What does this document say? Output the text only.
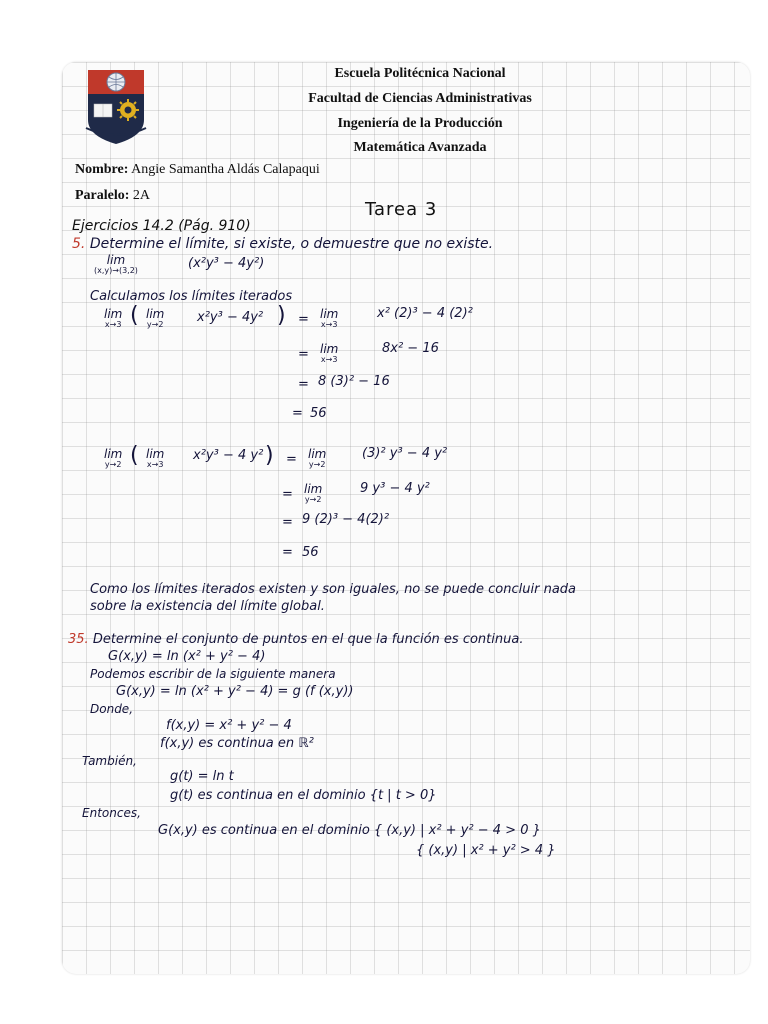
Escuela Politécnica Nacional
Facultad de Ciencias Administrativas
Ingeniería de la Producción
Matemática Avanzada
Nombre: Angie Samantha Aldás Calapaqui
Paralelo: 2A
Tarea 3
Ejercicios 14.2 (Pág. 910)
5. Determine el límite, si existe, o demuestre que no existe.
lim
(x,y)→(3,2)	(x²y³ − 4y²)
Calculamos los límites iterados
lim
x→3 ( lim
y→2	x²y³ − 4y² ) = lim
x→3
x² (2)³ − 4 (2)²
= lim
x→3
8x² − 16
= 8 (3)² − 16
= 56
lim
y→2 ( lim
x→3
x²y³ − 4 y² ) = lim
y→2
(3)² y³ − 4 y²
= lim
y→2
9 y³ − 4 y²
= 9 (2)³ − 4(2)²
= 56
Como los límites iterados existen y son iguales, no se puede concluir nada
sobre la existencia del límite global.
35. Determine el conjunto de puntos en el que la función es continua.
G(x,y) = ln (x² + y² − 4)
Podemos escribir de la siguiente manera
G(x,y) = ln (x² + y² − 4) = g (f (x,y))
Donde,
f(x,y) = x² + y² − 4
f(x,y) es continua en ℝ²
También,
g(t) = ln t
g(t) es continua en el dominio {t | t > 0}
Entonces,
G(x,y) es continua en el dominio { (x,y) | x² + y² − 4 > 0 }
{ (x,y) | x² + y² > 4 }
